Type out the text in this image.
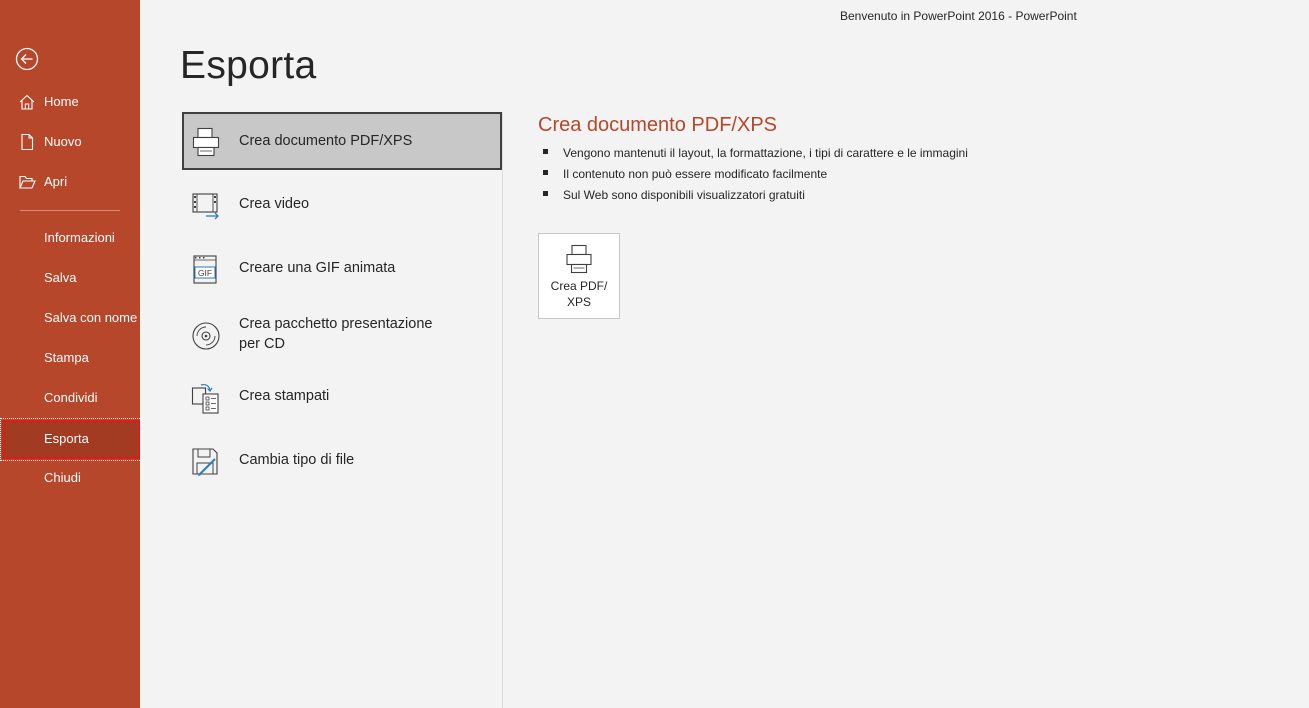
Benvenuto in PowerPoint 2016 - PowerPoint
Home
Nuovo
Apri
Informazioni
Salva
Salva con nome
Stampa
Condividi
Esporta
Chiudi
Esporta
Crea documento PDF/XPS
Crea video
GIF Creare una GIF animata
Crea pacchetto presentazione
per CD
Crea stampati
Cambia tipo di file
Crea documento PDF/XPS
Vengono mantenuti il layout, la formattazione, i tipi di carattere e le immagini
Il contenuto non può essere modificato facilmente
Sul Web sono disponibili visualizzatori gratuiti
Crea PDF/
XPS
